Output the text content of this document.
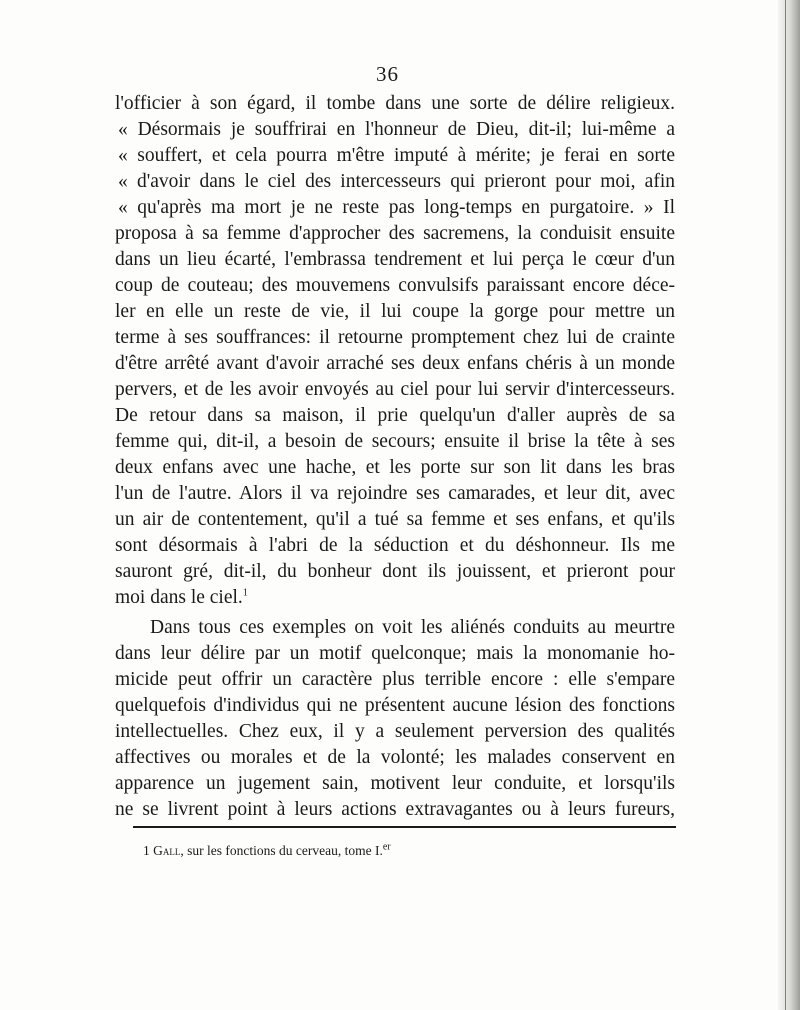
36
l'officier à son égard, il tombe dans une sorte de délire religieux.
« Désormais je souffrirai en l'honneur de Dieu, dit-il; lui-même a
« souffert, et cela pourra m'être imputé à mérite; je ferai en sorte
« d'avoir dans le ciel des intercesseurs qui prieront pour moi, afin
« qu'après ma mort je ne reste pas long-temps en purgatoire. » Il
proposa à sa femme d'approcher des sacremens, la conduisit ensuite
dans un lieu écarté, l'embrassa tendrement et lui perça le cœur d'un
coup de couteau; des mouvemens convulsifs paraissant encore déce-
ler en elle un reste de vie, il lui coupe la gorge pour mettre un
terme à ses souffrances: il retourne promptement chez lui de crainte
d'être arrêté avant d'avoir arraché ses deux enfans chéris à un monde
pervers, et de les avoir envoyés au ciel pour lui servir d'intercesseurs.
De retour dans sa maison, il prie quelqu'un d'aller auprès de sa
femme qui, dit-il, a besoin de secours; ensuite il brise la tête à ses
deux enfans avec une hache, et les porte sur son lit dans les bras
l'un de l'autre. Alors il va rejoindre ses camarades, et leur dit, avec
un air de contentement, qu'il a tué sa femme et ses enfans, et qu'ils
sont désormais à l'abri de la séduction et du déshonneur. Ils me
sauront gré, dit-il, du bonheur dont ils jouissent, et prieront pour
moi dans le ciel.$^1$
Dans tous ces exemples on voit les aliénés conduits au meurtre
dans leur délire par un motif quelconque; mais la monomanie ho-
micide peut offrir un caractère plus terrible encore : elle s'empare
quelquefois d'individus qui ne présentent aucune lésion des fonctions
intellectuelles. Chez eux, il y a seulement perversion des qualités
affectives ou morales et de la volonté; les malades conservent en
apparence un jugement sain, motivent leur conduite, et lorsqu'ils
ne se livrent point à leurs actions extravagantes ou à leurs fureurs,
1 Gall, sur les fonctions du cerveau, tome I.$^{er}$
